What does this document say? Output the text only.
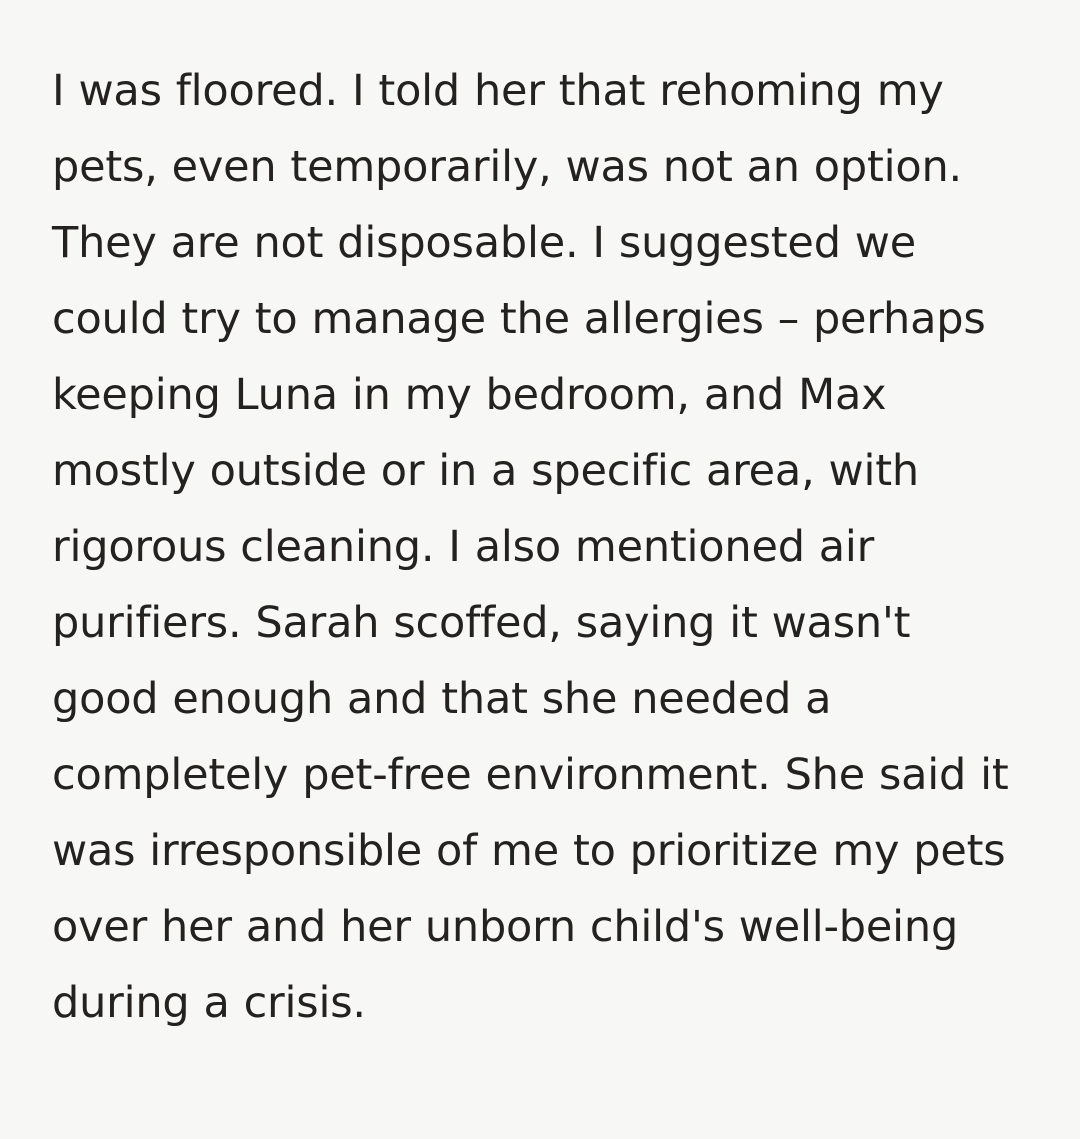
I was floored. I told her that rehoming my pets, even temporarily, was not an option. They are not disposable. I suggested we could try to manage the allergies – perhaps keeping Luna in my bedroom, and Max mostly outside or in a specific area, with rigorous cleaning. I also mentioned air purifiers. Sarah scoffed, saying it wasn't good enough and that she needed a completely pet-free environment. She said it was irresponsible of me to prioritize my pets over her and her unborn child's well-being during a crisis.
